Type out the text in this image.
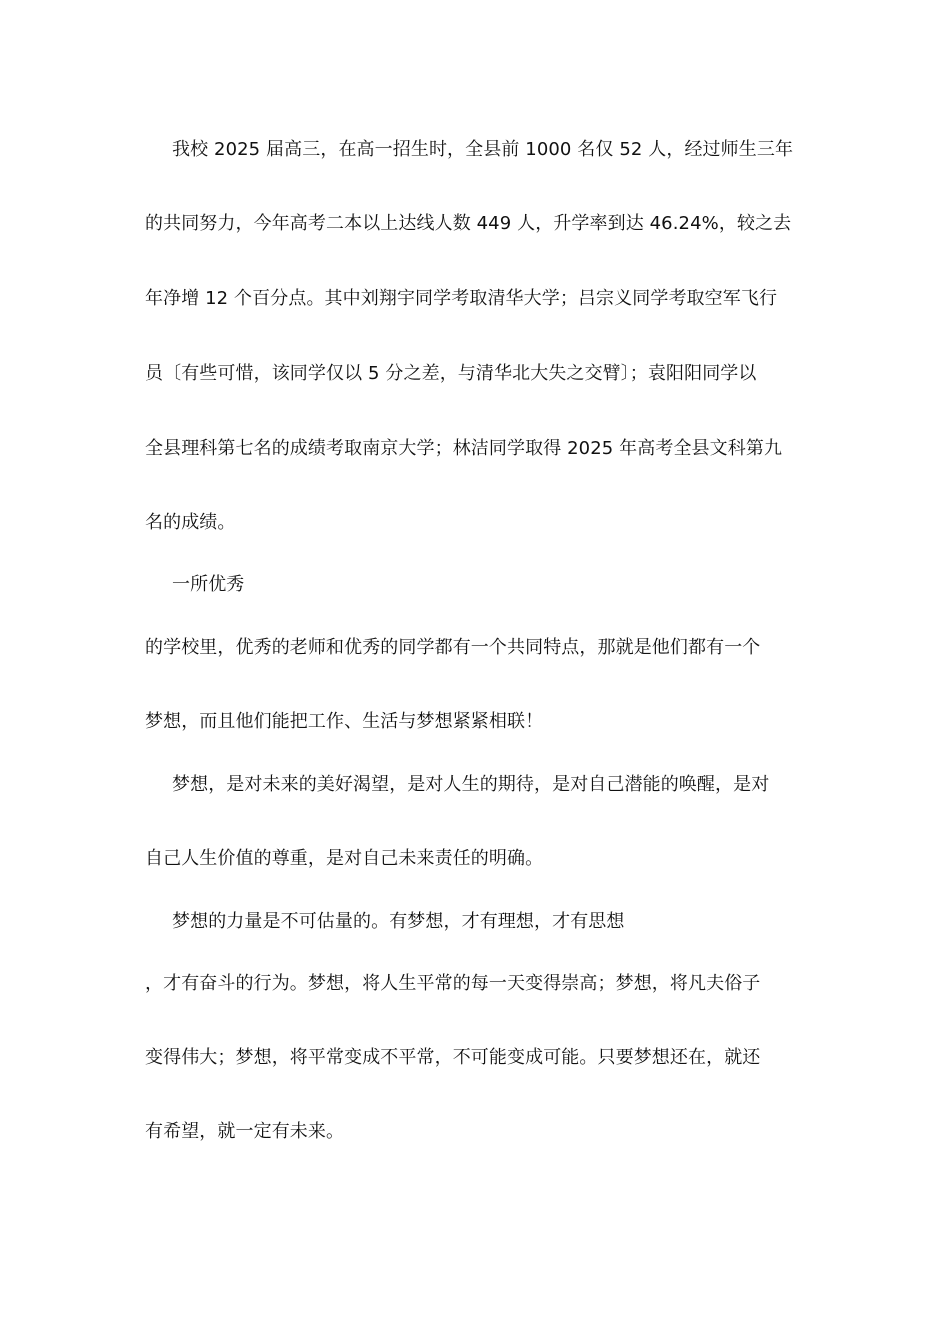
我校 2025 届高三，在高一招生时，全县前 1000 名仅 52 人，经过师生三年
的共同努力，今年高考二本以上达线人数 449 人，升学率到达 46.24%，较之去
年净增 12 个百分点。其中刘翔宇同学考取清华大学；吕宗义同学考取空军飞行
员〔有些可惜，该同学仅以 5 分之差，与清华北大失之交臂〕；袁阳阳同学以
全县理科第七名的成绩考取南京大学；林洁同学取得 2025 年高考全县文科第九
名的成绩。
一所优秀
的学校里，优秀的老师和优秀的同学都有一个共同特点，那就是他们都有一个
梦想，而且他们能把工作、生活与梦想紧紧相联！
梦想，是对未来的美好渴望，是对人生的期待，是对自己潜能的唤醒，是对
自己人生价值的尊重，是对自己未来责任的明确。
梦想的力量是不可估量的。有梦想，才有理想，才有思想
，才有奋斗的行为。梦想，将人生平常的每一天变得崇高；梦想，将凡夫俗子
变得伟大；梦想，将平常变成不平常，不可能变成可能。只要梦想还在，就还
有希望，就一定有未来。
